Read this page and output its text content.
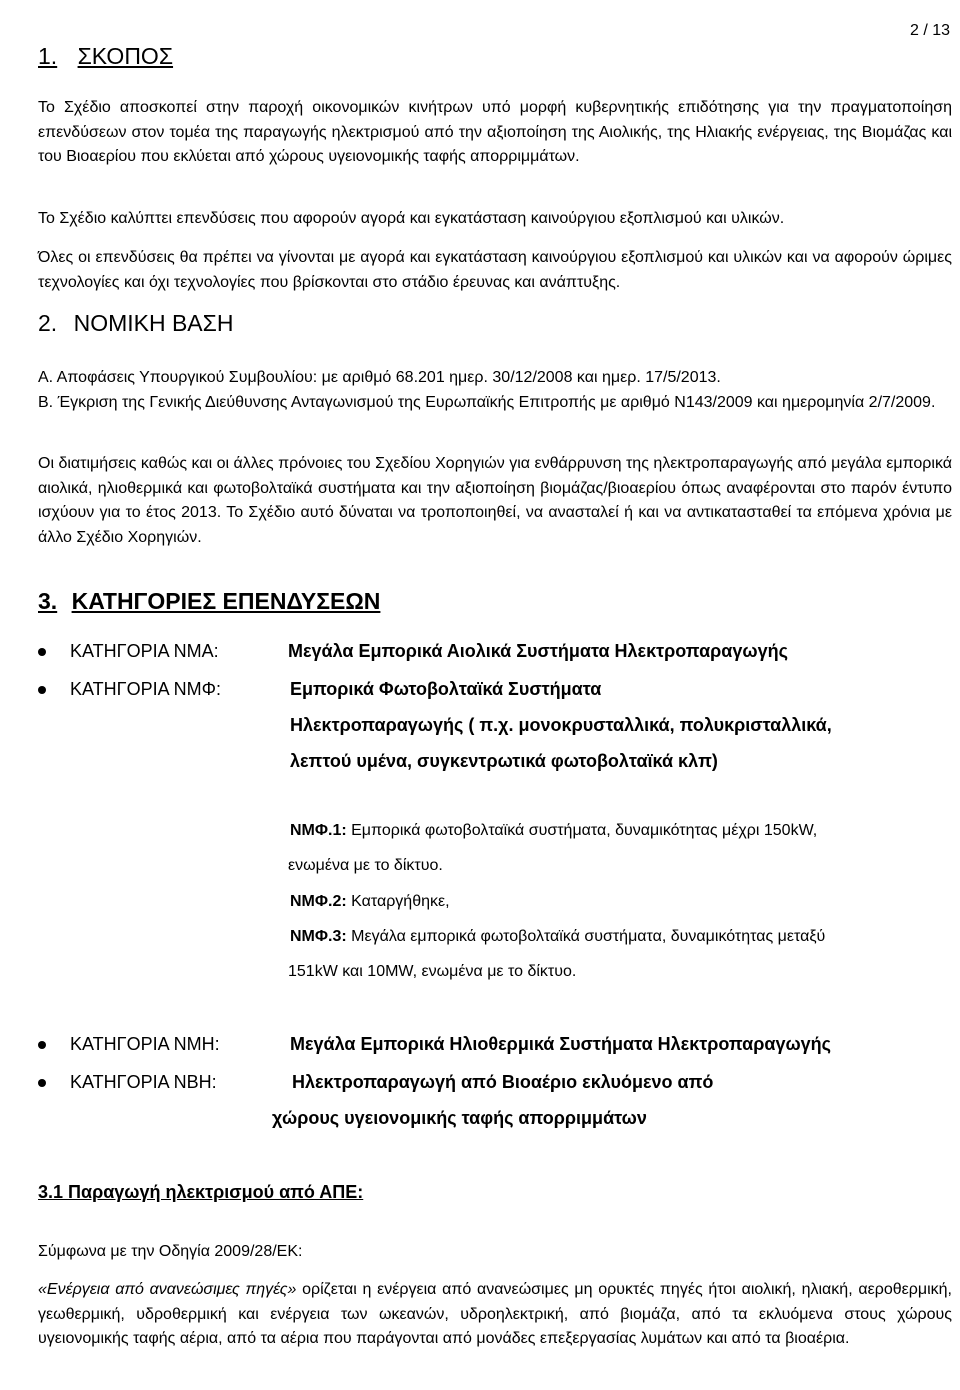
2 / 13
1. ΣΚΟΠΟΣ
Το Σχέδιο αποσκοπεί στην παροχή οικονομικών κινήτρων υπό μορφή κυβερνητικής επιδότησης για την πραγματοποίηση επενδύσεων στον τομέα της παραγωγής ηλεκτρισμού από την αξιοποίηση της Αιολικής, της Ηλιακής ενέργειας, της Βιομάζας και του Βιοαερίου που εκλύεται από χώρους υγειονομικής ταφής απορριμμάτων.
Το Σχέδιο καλύπτει επενδύσεις που αφορούν αγορά και εγκατάσταση καινούργιου εξοπλισμού και υλικών.
Όλες οι επενδύσεις θα πρέπει να γίνονται με αγορά και εγκατάσταση καινούργιου εξοπλισμού και υλικών και να αφορούν ώριμες τεχνολογίες και όχι τεχνολογίες που βρίσκονται στο στάδιο έρευνας και ανάπτυξης.
2. ΝΟΜΙΚΗ ΒΑΣΗ
Α. Αποφάσεις Υπουργικού Συμβουλίου: με αριθμό 68.201 ημερ. 30/12/2008 και ημερ. 17/5/2013.
Β. Έγκριση της Γενικής Διεύθυνσης Ανταγωνισμού της Ευρωπαϊκής Επιτροπής με αριθμό Ν143/2009 και ημερομηνία 2/7/2009.
Οι διατιμήσεις καθώς και οι άλλες πρόνοιες του Σχεδίου Χορηγιών για ενθάρρυνση της ηλεκτροπαραγωγής από μεγάλα εμπορικά αιολικά, ηλιοθερμικά και φωτοβολταϊκά συστήματα και την αξιοποίηση βιομάζας/βιοαερίου όπως αναφέρονται στο παρόν έντυπο ισχύουν για το έτος 2013. Το Σχέδιο αυτό δύναται να τροποποιηθεί, να ανασταλεί ή και να αντικατασταθεί τα επόμενα χρόνια με άλλο Σχέδιο Χορηγιών.
3. ΚΑΤΗΓΟΡΙΕΣ ΕΠΕΝΔΥΣΕΩΝ
ΚΑΤΗΓΟΡΙΑ ΝΜΑ:	Μεγάλα Εμπορικά Αιολικά Συστήματα Ηλεκτροπαραγωγής
ΚΑΤΗΓΟΡΙΑ ΝΜΦ:	Εμπορικά Φωτοβολταϊκά Συστήματα
Ηλεκτροπαραγωγής ( π.χ. μονοκρυσταλλικά, πολυκρισταλλικά,
λεπτού υμένα, συγκεντρωτικά φωτοβολταϊκά κλπ)
ΝΜΦ.1: Εμπορικά φωτοβολταϊκά συστήματα, δυναμικότητας μέχρι 150kW,
ενωμένα με το δίκτυο.
ΝΜΦ.2: Καταργήθηκε,
ΝΜΦ.3: Μεγάλα εμπορικά φωτοβολταϊκά συστήματα, δυναμικότητας μεταξύ
151kW και 10MW, ενωμένα με το δίκτυο.
ΚΑΤΗΓΟΡΙΑ ΝΜΗ:	Μεγάλα Εμπορικά Ηλιοθερμικά Συστήματα Ηλεκτροπαραγωγής
ΚΑΤΗΓΟΡΙΑ ΝΒΗ:	Ηλεκτροπαραγωγή από Βιοαέριο εκλυόμενο από
χώρους υγειονομικής ταφής απορριμμάτων
3.1 Παραγωγή ηλεκτρισμού από ΑΠΕ:
Σύμφωνα με την Οδηγία 2009/28/ΕΚ:
«Ενέργεια από ανανεώσιμες πηγές» ορίζεται η ενέργεια από ανανεώσιμες μη ορυκτές πηγές ήτοι αιολική, ηλιακή, αεροθερμική, γεωθερμική, υδροθερμική και ενέργεια των ωκεανών, υδροηλεκτρική, από βιομάζα, από τα εκλυόμενα στους χώρους υγειονομικής ταφής αέρια, από τα αέρια που παράγονται από μονάδες επεξεργασίας λυμάτων και από τα βιοαέρια.
